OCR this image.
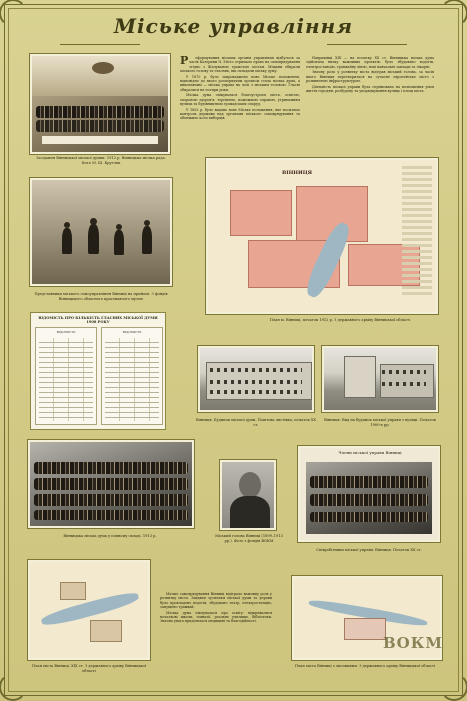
Міське управління
Засідання Вінницької міської думки. 1912 р. Вінницька міська рада. Фото М. Ш. Кругляк
Р	еформування міських органів управління відбулося за часів Катерини II. Місто отримало право на самоврядування згідно з Жалуваною грамотою містам. Міщани обирали міського голову та гласних, які складали міську думу.

У 1870 р. було запроваджено нове Міське положення, відповідно до якого розпорядчим органом стала міська дума, а виконавчим — міська управа на чолі з міським головою. Гласні обиралися на чотири роки.

Міська дума опікувалася благоустроєм міста, освітою, охороною здоров'я, торгівлею, пожежною справою, утриманням вулиць та будівництвом громадських споруд.

У 1892 р. було видано нове Міське положення, яке посилило контроль держави над органами міського самоврядування та обмежило коло виборців.

Наприкінці XIX — на початку XX ст. Вінницька міська дума здійснила низку важливих проєктів: було збудовано водогін, електростанцію, трамвайну лінію, нові навчальні заклади та лікарні.

Значну роль у розвитку міста відіграв міський голова, за часів якого Вінниця перетворилася на сучасне європейське місто з розвиненою інфраструктурою.

Діяльність міської управи була спрямована на поліпшення умов життя городян, розбудову та упорядкування вулиць і площ міста.

Представники міського самоуправління Вінниці на прийомі. З фондів Вінницького обласного краєзнавчого музею
ВІННИЦЯ
План м. Вінниці, початок 1912 р. З державного архіву Вінницької області
ВІДОМІСТЬ ПРО КІЛЬКІСТЬ ГЛАСНИХ МІСЬКОЇ ДУМИ 1908 РОКУ
ВІДОМІСТЬ	ВІДОМІСТЬ
Вінниця. Будинок міської думи. Поштова листівка, початок XX ст.
Вінниця. Вид на будинок міської управи з вулиці. Початок 1900-х рр.
Вінницька міська дума у повному складі. 1913 р.	Міський голова Вінниці (1899–1913 рр.). Фото з фондів ВОКМ
Члени міської управи Вінниці
Співробітники міської управи. Вінниця. Початок XX ст.
План міста Вінниці. XIX ст. З державного архіву Вінницької області

Міське самоврядування Вінниці відіграло важливу роль у розвитку міста. Завдяки зусиллям міської думи та управи було прокладено водогін, збудовано театр, електростанцію, запущено трамвай.

Міська дума піклувалася про освіту: відкривалися початкові школи, гімназії, реальне училище, бібліотеки. Значна увага приділялася медицині та благодійності.

План міста Вінниці з околицями. З державного архіву Вінницької області
ВОКМ
